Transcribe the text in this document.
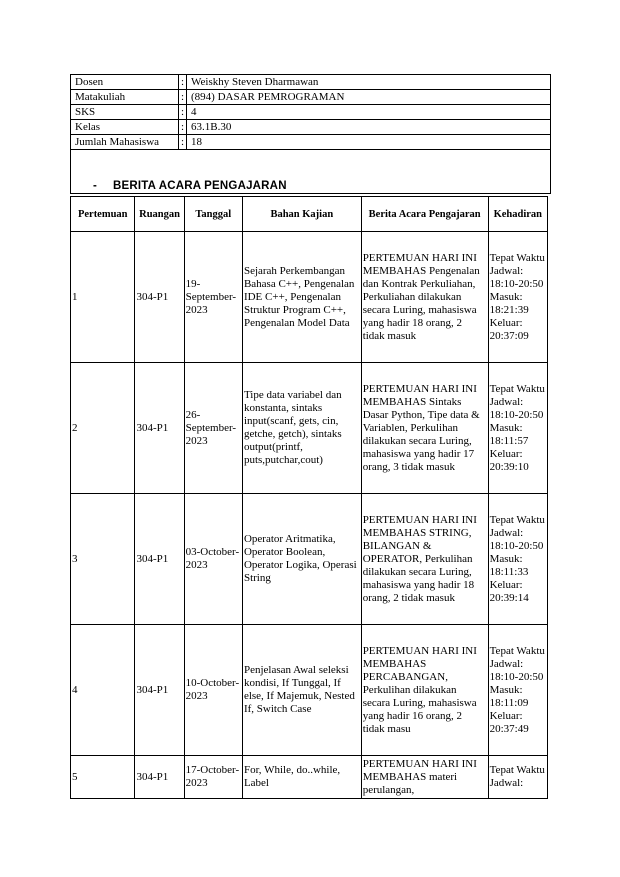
Dosen	:	Weiskhy Steven Dharmawan
Matakuliah	:	(894) DASAR PEMROGRAMAN
SKS	:	4
Kelas	:	63.1B.30
Jumlah Mahasiswa	:	18
- BERITA ACARA PENGAJARAN
Pertemuan	Ruangan	Tanggal	Bahan Kajian	Berita Acara Pengajaran	Kehadiran
1	304-P1	19-September-2023	Sejarah Perkembangan Bahasa C++, Pengenalan IDE C++, Pengenalan Struktur Program C++, Pengenalan Model Data	PERTEMUAN HARI INI MEMBAHAS Pengenalan dan Kontrak Perkuliahan, Perkuliahan dilakukan secara Luring, mahasiswa yang hadir 18 orang, 2 tidak masuk	Tepat Waktu Jadwal: 18:10-20:50 Masuk: 18:21:39 Keluar: 20:37:09
2	304-P1	26-September-2023	Tipe data variabel dan konstanta, sintaks input(scanf, gets, cin, getche, getch), sintaks output(printf, puts,putchar,cout)	PERTEMUAN HARI INI MEMBAHAS Sintaks Dasar Python, Tipe data & Variablen, Perkulihan dilakukan secara Luring, mahasiswa yang hadir 17 orang, 3 tidak masuk	Tepat Waktu Jadwal: 18:10-20:50 Masuk: 18:11:57 Keluar: 20:39:10
3	304-P1	03-October-2023	Operator Aritmatika, Operator Boolean, Operator Logika, Operasi String	PERTEMUAN HARI INI MEMBAHAS STRING, BILANGAN & OPERATOR, Perkulihan dilakukan secara Luring, mahasiswa yang hadir 18 orang, 2 tidak masuk	Tepat Waktu Jadwal: 18:10-20:50 Masuk: 18:11:33 Keluar: 20:39:14
4	304-P1	10-October-2023	Penjelasan Awal seleksi kondisi, If Tunggal, If else, If Majemuk, Nested If, Switch Case	PERTEMUAN HARI INI MEMBAHAS PERCABANGAN, Perkulihan dilakukan secara Luring, mahasiswa yang hadir 16 orang, 2 tidak masu	Tepat Waktu Jadwal: 18:10-20:50 Masuk: 18:11:09 Keluar: 20:37:49
5	304-P1	17-October-2023	For, While, do..while, Label	PERTEMUAN HARI INI MEMBAHAS materi perulangan,	Tepat Waktu Jadwal:
